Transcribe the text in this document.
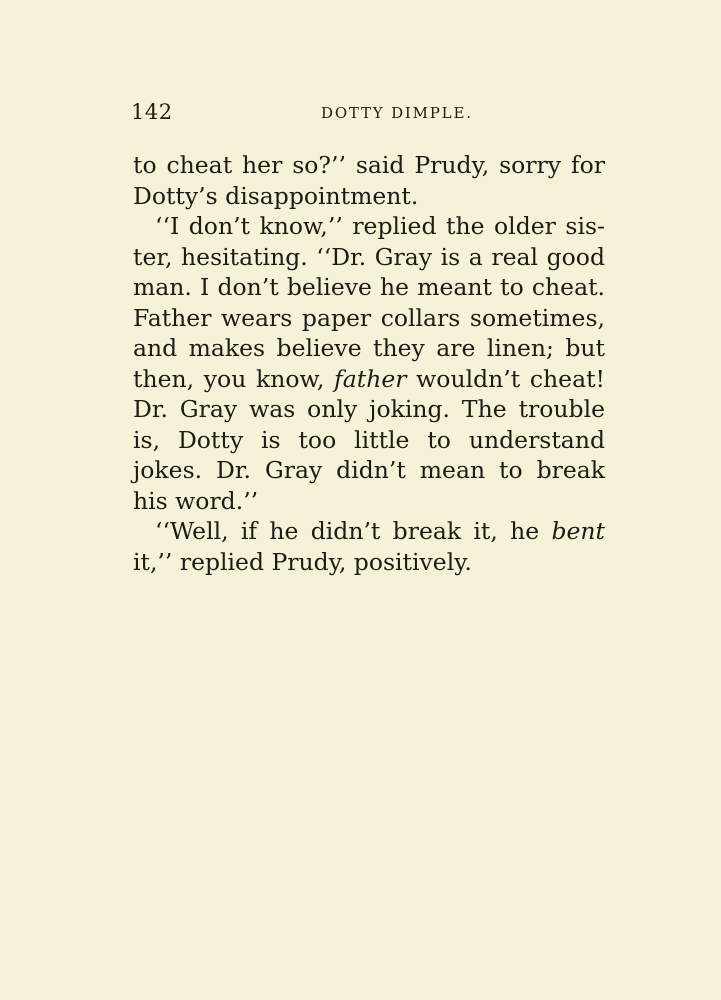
142	DOTTY DIMPLE.
to cheat her so?’’ said Prudy, sorry for
Dotty’s disappointment.
‘‘I don’t know,’’ replied the older sis-
ter, hesitating. ‘‘Dr. Gray is a real good
man. I don’t believe he meant to cheat.
Father wears paper collars sometimes,
and makes believe they are linen; but
then, you know, father wouldn’t cheat!
Dr. Gray was only joking. The trouble
is, Dotty is too little to understand
jokes. Dr. Gray didn’t mean to break
his word.’’
‘‘Well, if he didn’t break it, he bent
it,’’ replied Prudy, positively.
